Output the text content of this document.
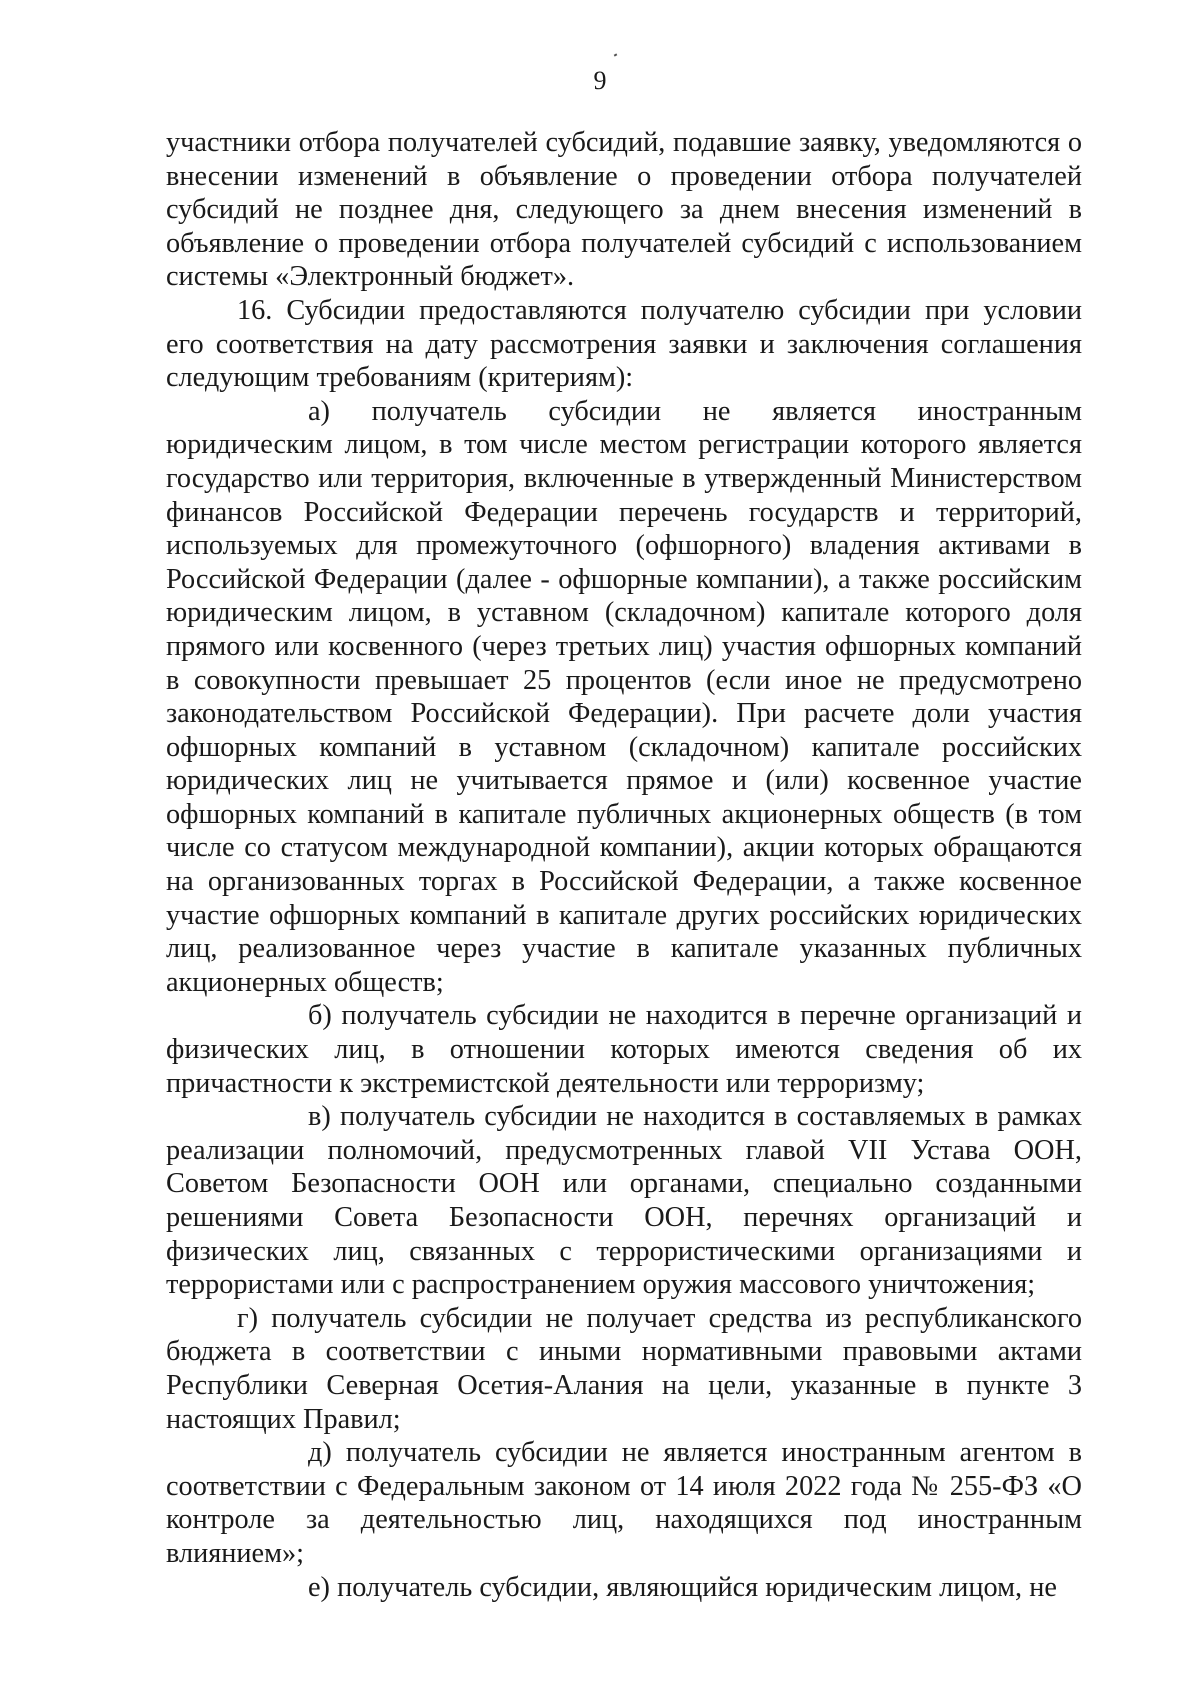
9

участники отбора получателей субсидий, подавшие заявку, уведомляются о внесении изменений в объявление о проведении отбора получателей субсидий не позднее дня, следующего за днем внесения изменений в объявление о проведении отбора получателей субсидий с использованием системы «Электронный бюджет».

16. Субсидии предоставляются получателю субсидии при условии его соответствия на дату рассмотрения заявки и заключения соглашения следующим требованиям (критериям):

а) получатель субсидии не является иностранным юридическим лицом, в том числе местом регистрации которого является государство или территория, включенные в утвержденный Министерством финансов Российской Федерации перечень государств и территорий, используемых для промежуточного (офшорного) владения активами в Российской Федерации (далее - офшорные компании), а также российским юридическим лицом, в уставном (складочном) капитале которого доля прямого или косвенного (через третьих лиц) участия офшорных компаний в совокупности превышает 25 процентов (если иное не предусмотрено законодательством Российской Федерации). При расчете доли участия офшорных компаний в уставном (складочном) капитале российских юридических лиц не учитывается прямое и (или) косвенное участие офшорных компаний в капитале публичных акционерных обществ (в том числе со статусом международной компании), акции которых обращаются на организованных торгах в Российской Федерации, а также косвенное участие офшорных компаний в капитале других российских юридических лиц, реализованное через участие в капитале указанных публичных акционерных обществ;

б) получатель субсидии не находится в перечне организаций и физических лиц, в отношении которых имеются сведения об их причастности к экстремистской деятельности или терроризму;

в) получатель субсидии не находится в составляемых в рамках реализации полномочий, предусмотренных главой VII Устава ООН, Советом Безопасности ООН или органами, специально созданными решениями Совета Безопасности ООН, перечнях организаций и физических лиц, связанных с террористическими организациями и террористами или с распространением оружия массового уничтожения;

г) получатель субсидии не получает средства из республиканского бюджета в соответствии с иными нормативными правовыми актами Республики Северная Осетия-Алания на цели, указанные в пункте 3 настоящих Правил;

д) получатель субсидии не является иностранным агентом в соответствии с Федеральным законом от 14 июля 2022 года № 255-ФЗ «О контроле за деятельностью лиц, находящихся под иностранным влиянием»;

е) получатель субсидии, являющийся юридическим лицом, не
